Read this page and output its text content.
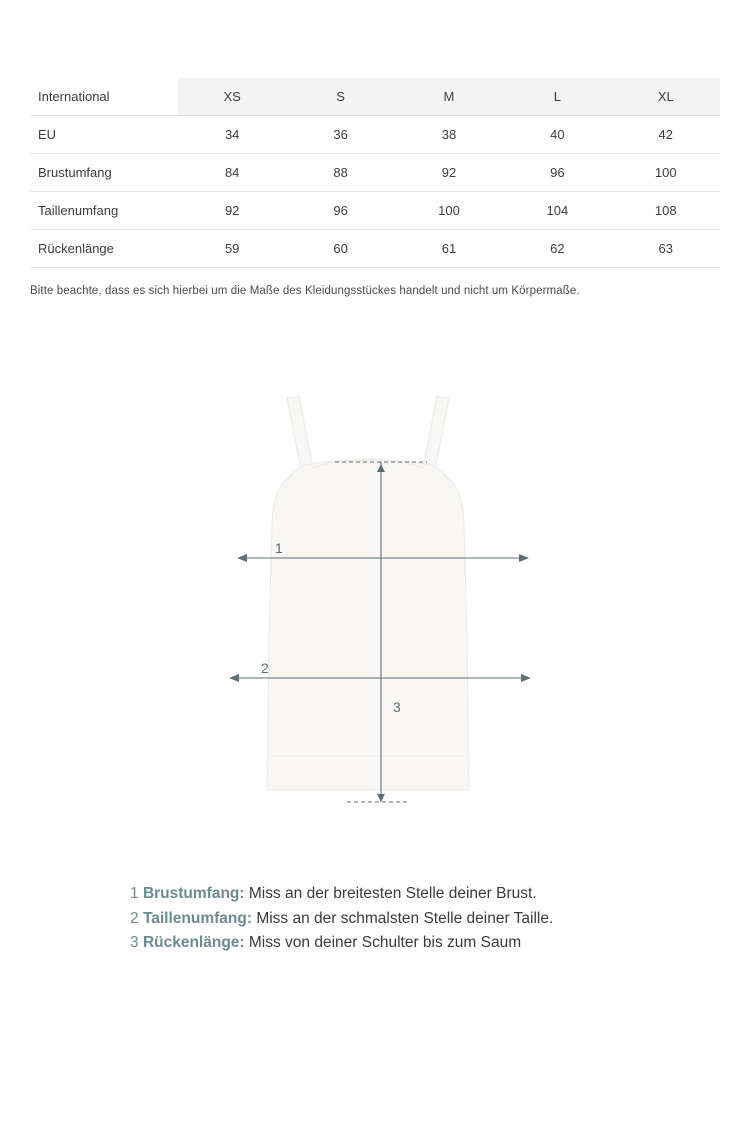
International	XS	S	M	L	XL
EU	34	36	38	40	42
Brustumfang	84	88	92	96	100
Taillenumfang	92	96	100	104	108
Rückenlänge	59	60	61	62	63
Bitte beachte, dass es sich hierbei um die Maße des Kleidungsstückes handelt und nicht um Körpermaße.
1
2
3
1 Brustumfang: Miss an der breitesten Stelle deiner Brust.
2 Taillenumfang: Miss an der schmalsten Stelle deiner Taille.
3 Rückenlänge: Miss von deiner Schulter bis zum Saum
